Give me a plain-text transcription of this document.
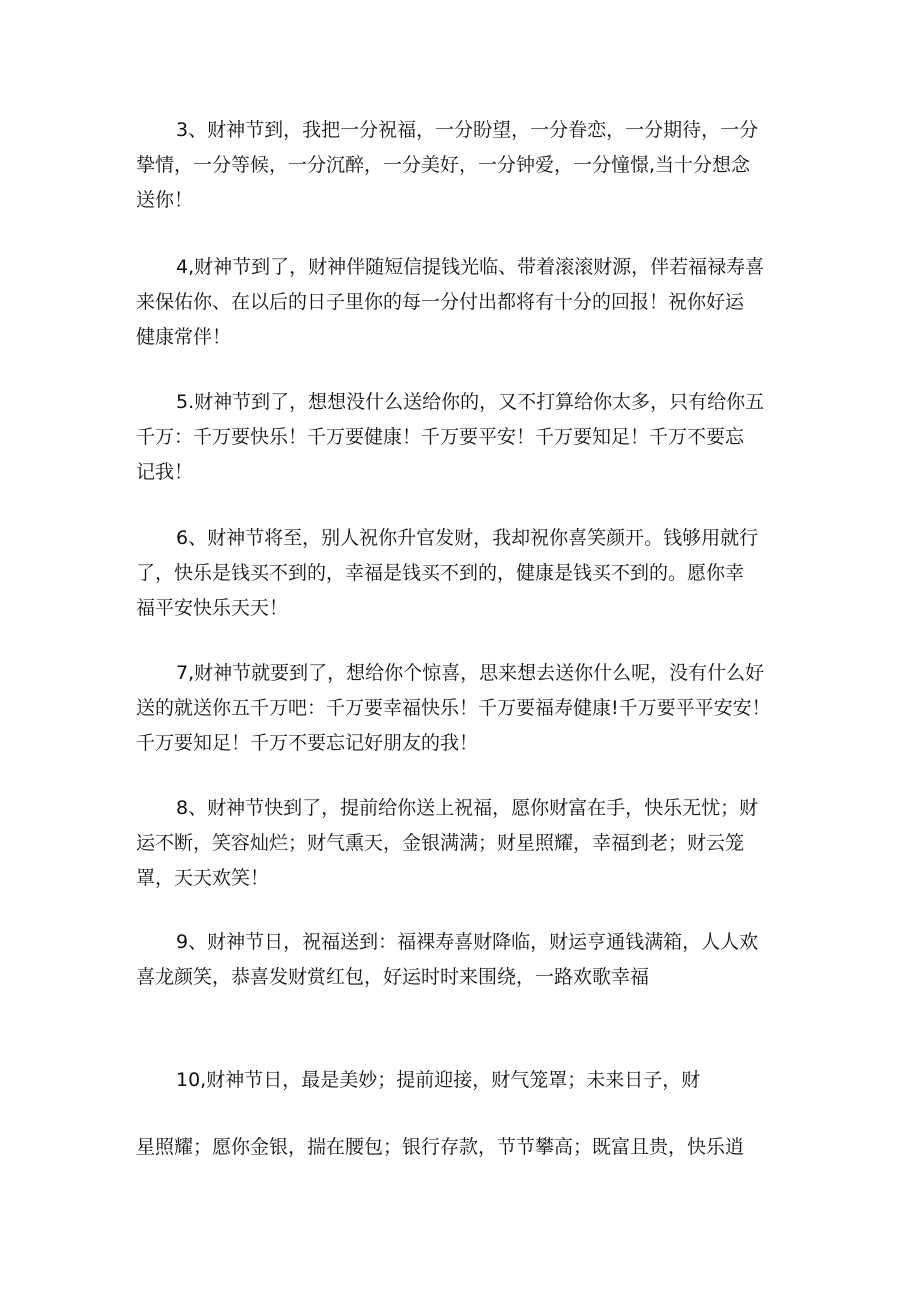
3、财神节到，我把一分祝福，一分盼望，一分眷恋，一分期待，一分
挚情，一分等候，一分沉醉，一分美好，一分钟爱，一分憧憬,当十分想念
送你！
4,财神节到了，财神伴随短信提钱光临、带着滚滚财源，伴若福禄寿喜
来保佑你、在以后的日子里你的每一分付出都将有十分的回报！祝你好运
健康常伴！
5.财神节到了，想想没什么送给你的，又不打算给你太多，只有给你五
千万：千万要快乐！千万要健康！千万要平安！千万要知足！千万不要忘
记我！
6、财神节将至，别人祝你升官发财，我却祝你喜笑颜开。钱够用就行
了，快乐是钱买不到的，幸福是钱买不到的，健康是钱买不到的。愿你幸
福平安快乐天天！
7,财神节就要到了，想给你个惊喜，思来想去送你什么呢，没有什么好
送的就送你五千万吧：千万要幸福快乐！千万要福寿健康!千万要平平安安！
千万要知足！千万不要忘记好朋友的我！
8、财神节快到了，提前给你送上祝福，愿你财富在手，快乐无忧；财
运不断，笑容灿烂；财气熏天，金银满满；财星照耀，幸福到老；财云笼
罩，天天欢笑！
9、财神节日，祝福送到：福裸寿喜财降临，财运亨通钱满箱，人人欢
喜龙颜笑，恭喜发财赏红包，好运时时来围绕，一路欢歌幸福
10,财神节日，最是美妙；提前迎接，财气笼罩；未来日子，财
星照耀；愿你金银，揣在腰包；银行存款，节节攀高；既富且贵，快乐逍
